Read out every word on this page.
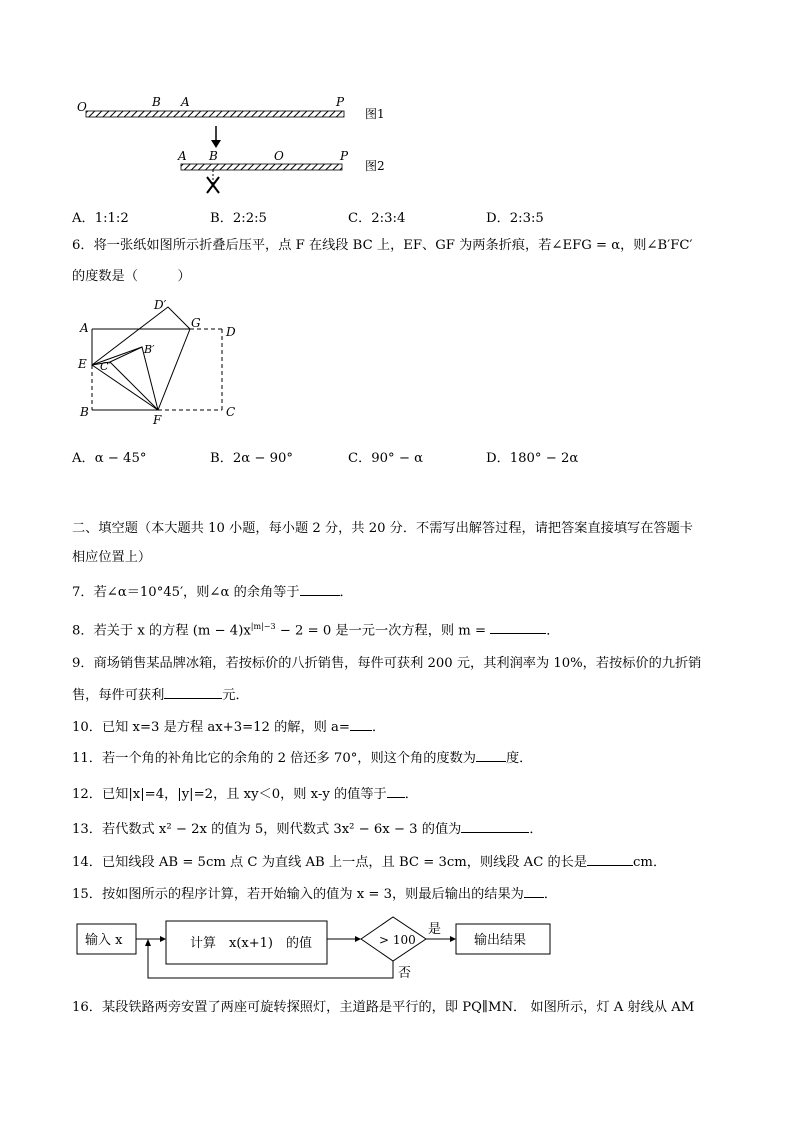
O	B A	P
图1
A B	O	P
图2
A．1:1:2	B．2:2:5	C．2:3:4	D．2:3:5
6．将一张纸如图所示折叠后压平，点 F 在线段 BC 上，EF、GF 为两条折痕，若∠EFG = α，则∠B′FC′
的度数是（　　　）
A
D′
G
D
E C′
B′
B
F
C
A．α − 45°	B．2α − 90°	C．90° − α	D．180° − 2α
二、填空题（本大题共 10 小题，每小题 2 分，共 20 分．不需写出解答过程，请把答案直接填写在答题卡
相应位置上）
7．若∠α＝10°45′，则∠α 的余角等于	．
8．若关于 x 的方程 $(m - 4)x^{|m|-3} - 2 = 0$ 是一元一次方程，则 m =	．
9．商场销售某品牌冰箱，若按标价的八折销售，每件可获利 200 元，其利润率为 10%，若按标价的九折销
售，每件可获利	元．
10．已知 x=3 是方程 ax+3=12 的解，则 a= ．
11．若一个角的补角比它的余角的 2 倍还多 70°，则这个角的度数为 度．
12．已知|x|=4，|y|=2，且 xy＜0，则 x-y 的值等于 ．
13．若代数式 x² − 2x 的值为 5，则代数式 3x² − 6x − 3 的值为	．
14．已知线段 AB = 5cm 点 C 为直线 AB 上一点，且 BC = 3cm，则线段 AC 的长是	cm．
15．按如图所示的程序计算，若开始输入的值为 x = 3，则最后输出的结果为 ．
输入 x	计算　x(x+1)　的值	> 100
是
输出结果
否
16．某段铁路两旁安置了两座可旋转探照灯，主道路是平行的，即 PQ∥MN． 如图所示，灯 A 射线从 AM
